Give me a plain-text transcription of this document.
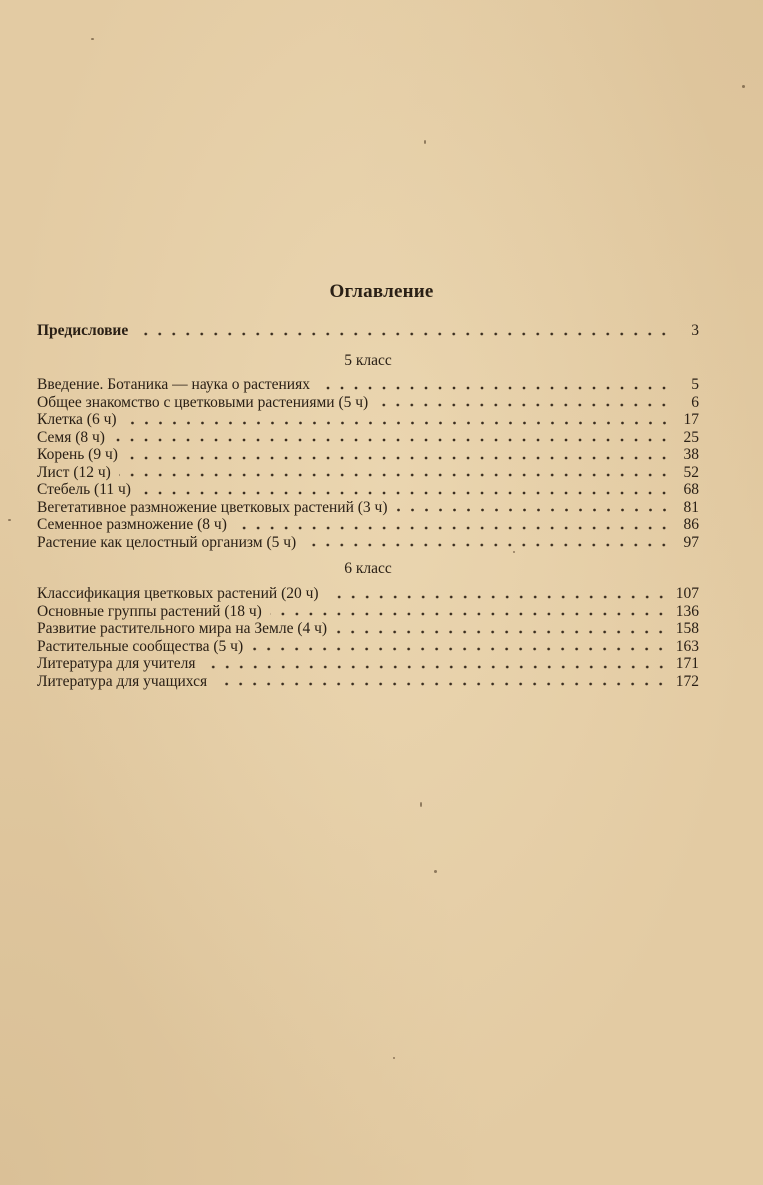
Оглавление
Предисловие	3
5 класс
Введение. Ботаника — наука о растениях	5
Общее знакомство с цветковыми растениями (5 ч)	6
Клетка (6 ч)	17
Семя (8 ч)	25
Корень (9 ч)	38
Лист (12 ч)	52
Стебель (11 ч)	68
Вегетативное размножение цветковых растений (3 ч)	81
Семенное размножение (8 ч)	86
Растение как целостный организм (5 ч)	97
6 класс
Классификация цветковых растений (20 ч)	107
Основные группы растений (18 ч)	136
Развитие растительного мира на Земле (4 ч)	158
Растительные сообщества (5 ч)	163
Литература для учителя	171
Литература для учащихся	172
